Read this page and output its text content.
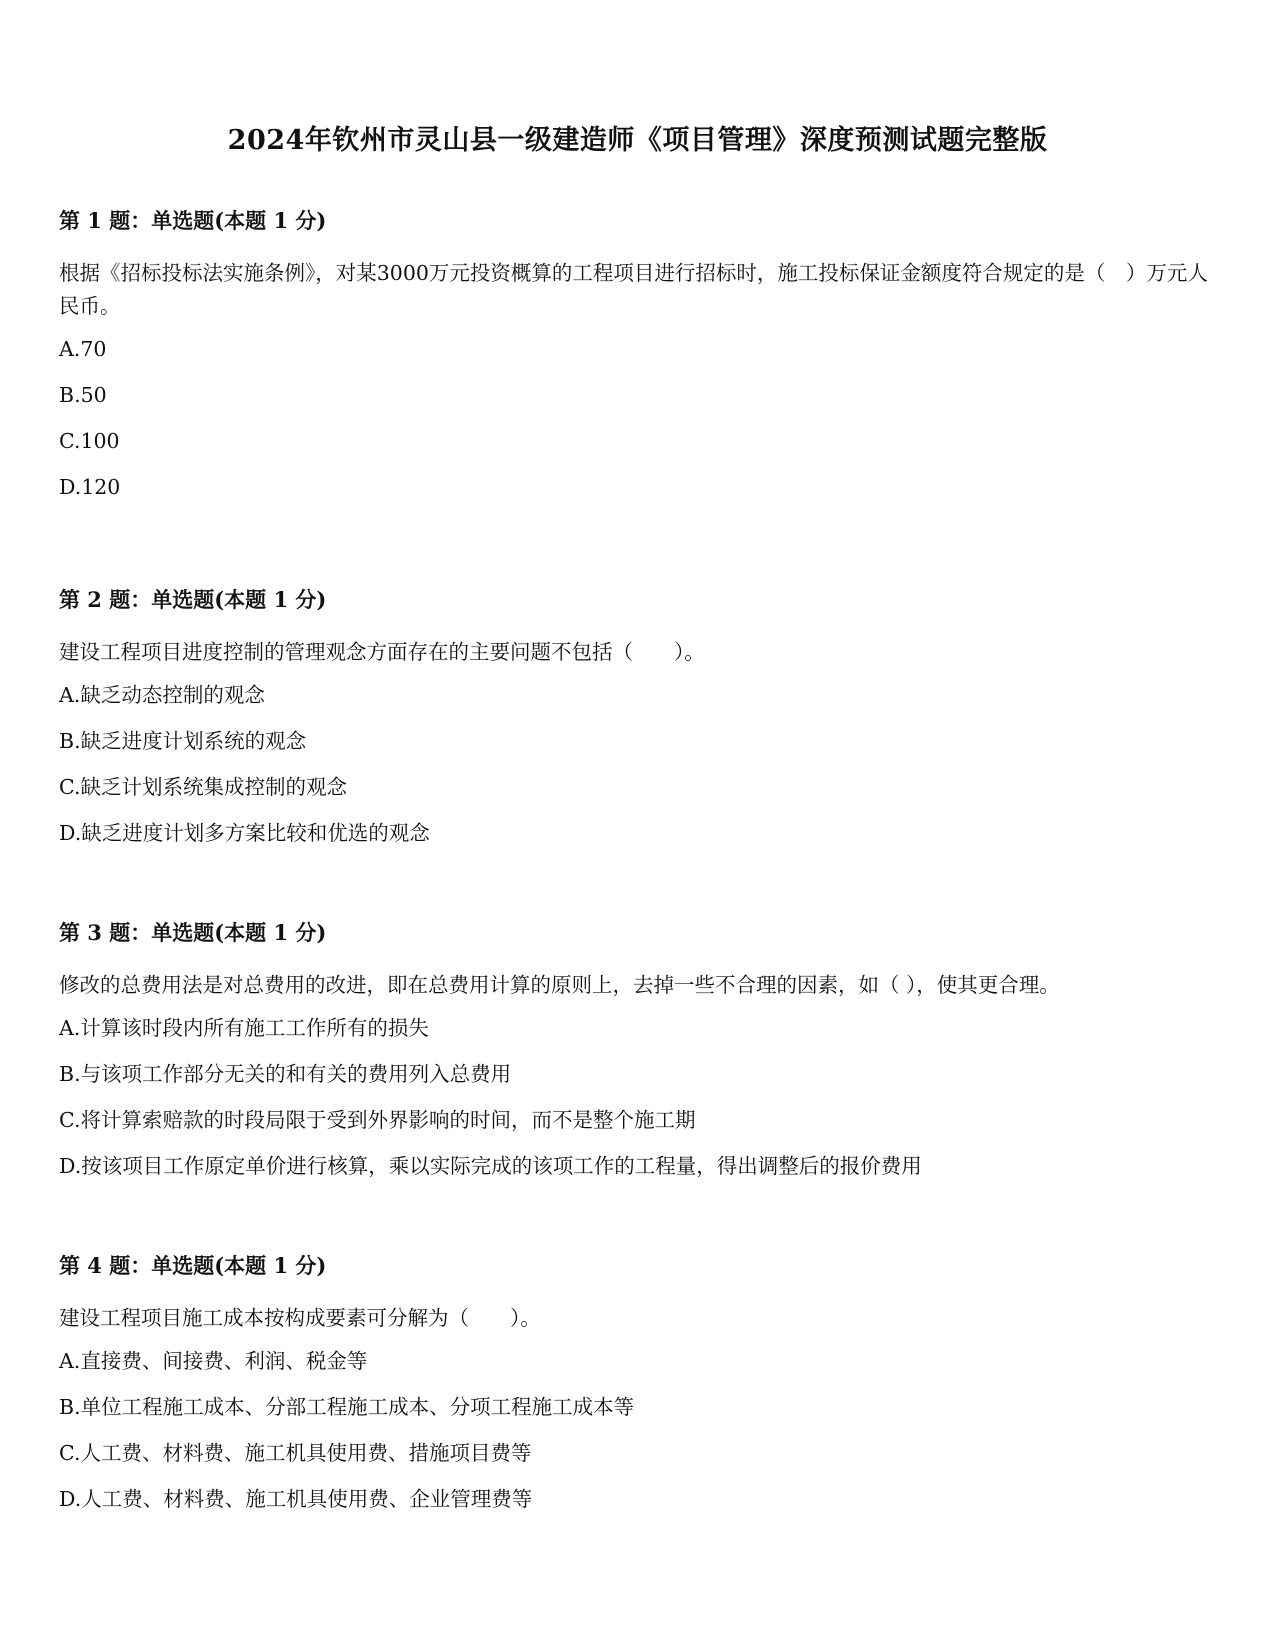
2024年钦州市灵山县一级建造师《项目管理》深度预测试题完整版
第 1 题：单选题(本题 1 分)
根据《招标投标法实施条例》，对某3000万元投资概算的工程项目进行招标时，施工投标保证金额度符合规定的是（　）万元人民币。
A.70
B.50
C.100
D.120
第 2 题：单选题(本题 1 分)
建设工程项目进度控制的管理观念方面存在的主要问题不包括（　　）。
A.缺乏动态控制的观念
B.缺乏进度计划系统的观念
C.缺乏计划系统集成控制的观念
D.缺乏进度计划多方案比较和优选的观念
第 3 题：单选题(本题 1 分)
修改的总费用法是对总费用的改进，即在总费用计算的原则上，去掉一些不合理的因素，如（ ），使其更合理。
A.计算该时段内所有施工工作所有的损失
B.与该项工作部分无关的和有关的费用列入总费用
C.将计算索赔款的时段局限于受到外界影响的时间，而不是整个施工期
D.按该项目工作原定单价进行核算，乘以实际完成的该项工作的工程量，得出调整后的报价费用
第 4 题：单选题(本题 1 分)
建设工程项目施工成本按构成要素可分解为（　　）。
A.直接费、间接费、利润、税金等
B.单位工程施工成本、分部工程施工成本、分项工程施工成本等
C.人工费、材料费、施工机具使用费、措施项目费等
D.人工费、材料费、施工机具使用费、企业管理费等
